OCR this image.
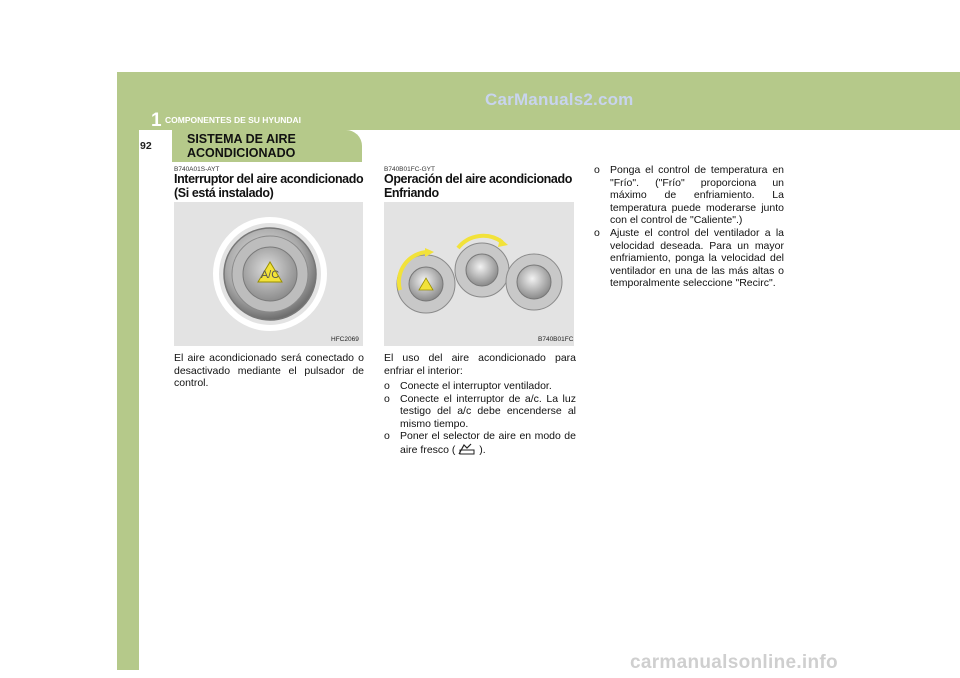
CarManuals2.com
1 COMPONENTES DE SU HYUNDAI
92	SISTEMA DE AIRE ACONDICIONADO
B740A01S-AYT
Interruptor del aire acondicionado (Si está instalado)
A/C
HFC2069
El aire acondicionado será conectado o desactivado mediante el pulsador de control.
B740B01FC-GYT
Operación del aire acondicionado Enfriando
B740B01FC
El uso del aire acondicionado para enfriar el interior:
o Conecte el interruptor ventilador.
o Conecte el interruptor de a/c. La luz testigo del a/c debe encenderse al mismo tiempo.
o Poner el selector de aire en modo de aire fresco ( ).
o Ponga el control de temperatura en "Frío". ("Frío" proporciona un máximo de enfriamiento. La temperatura puede moderarse junto con el control de "Caliente".)
o Ajuste el control del ventilador a la velocidad deseada. Para un mayor enfriamiento, ponga la velocidad del ventilador en una de las más altas o temporalmente seleccione "Recirc".
carmanualsonline.info
